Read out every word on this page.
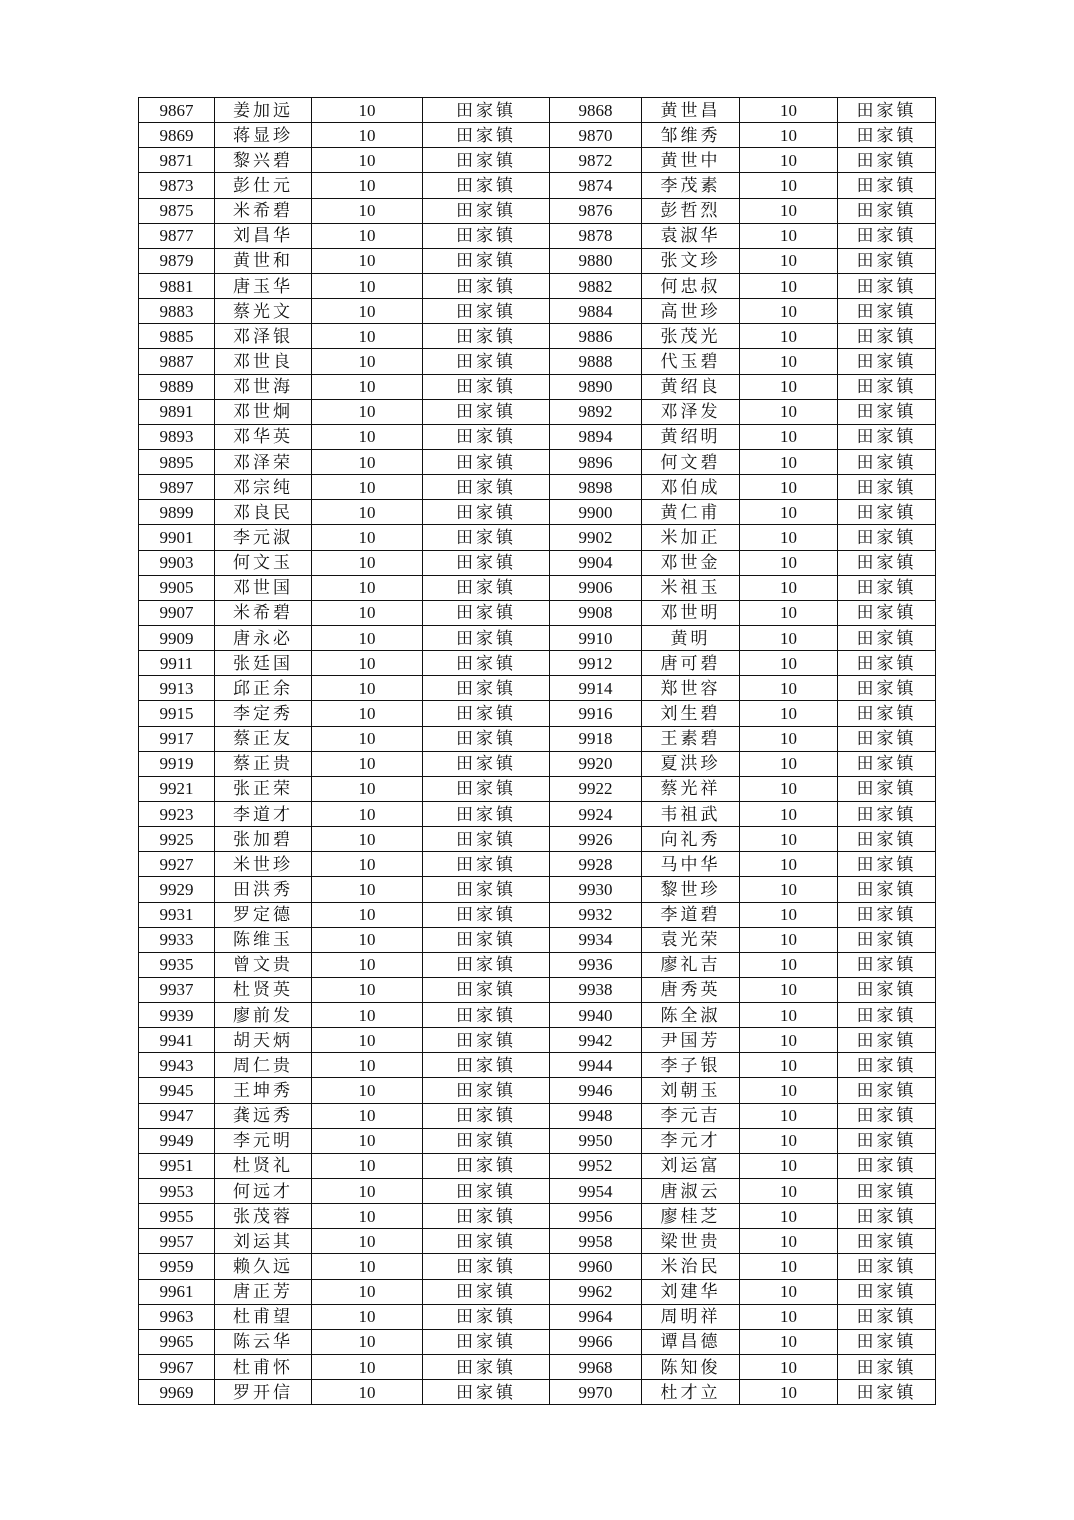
9867	姜加远	10	田家镇	9868	黄世昌	10	田家镇
9869	蒋显珍	10	田家镇	9870	邹维秀	10	田家镇
9871	黎兴碧	10	田家镇	9872	黄世中	10	田家镇
9873	彭仕元	10	田家镇	9874	李茂素	10	田家镇
9875	米希碧	10	田家镇	9876	彭哲烈	10	田家镇
9877	刘昌华	10	田家镇	9878	袁淑华	10	田家镇
9879	黄世和	10	田家镇	9880	张文珍	10	田家镇
9881	唐玉华	10	田家镇	9882	何忠叔	10	田家镇
9883	蔡光文	10	田家镇	9884	高世珍	10	田家镇
9885	邓泽银	10	田家镇	9886	张茂光	10	田家镇
9887	邓世良	10	田家镇	9888	代玉碧	10	田家镇
9889	邓世海	10	田家镇	9890	黄绍良	10	田家镇
9891	邓世炯	10	田家镇	9892	邓泽发	10	田家镇
9893	邓华英	10	田家镇	9894	黄绍明	10	田家镇
9895	邓泽荣	10	田家镇	9896	何文碧	10	田家镇
9897	邓宗纯	10	田家镇	9898	邓伯成	10	田家镇
9899	邓良民	10	田家镇	9900	黄仁甫	10	田家镇
9901	李元淑	10	田家镇	9902	米加正	10	田家镇
9903	何文玉	10	田家镇	9904	邓世金	10	田家镇
9905	邓世国	10	田家镇	9906	米祖玉	10	田家镇
9907	米希碧	10	田家镇	9908	邓世明	10	田家镇
9909	唐永必	10	田家镇	9910	黄明	10	田家镇
9911	张廷国	10	田家镇	9912	唐可碧	10	田家镇
9913	邱正余	10	田家镇	9914	郑世容	10	田家镇
9915	李定秀	10	田家镇	9916	刘生碧	10	田家镇
9917	蔡正友	10	田家镇	9918	王素碧	10	田家镇
9919	蔡正贵	10	田家镇	9920	夏洪珍	10	田家镇
9921	张正荣	10	田家镇	9922	蔡光祥	10	田家镇
9923	李道才	10	田家镇	9924	韦祖武	10	田家镇
9925	张加碧	10	田家镇	9926	向礼秀	10	田家镇
9927	米世珍	10	田家镇	9928	马中华	10	田家镇
9929	田洪秀	10	田家镇	9930	黎世珍	10	田家镇
9931	罗定德	10	田家镇	9932	李道碧	10	田家镇
9933	陈维玉	10	田家镇	9934	袁光荣	10	田家镇
9935	曾文贵	10	田家镇	9936	廖礼吉	10	田家镇
9937	杜贤英	10	田家镇	9938	唐秀英	10	田家镇
9939	廖前发	10	田家镇	9940	陈全淑	10	田家镇
9941	胡天炳	10	田家镇	9942	尹国芳	10	田家镇
9943	周仁贵	10	田家镇	9944	李子银	10	田家镇
9945	王坤秀	10	田家镇	9946	刘朝玉	10	田家镇
9947	龚远秀	10	田家镇	9948	李元吉	10	田家镇
9949	李元明	10	田家镇	9950	李元才	10	田家镇
9951	杜贤礼	10	田家镇	9952	刘运富	10	田家镇
9953	何远才	10	田家镇	9954	唐淑云	10	田家镇
9955	张茂蓉	10	田家镇	9956	廖桂芝	10	田家镇
9957	刘运其	10	田家镇	9958	梁世贵	10	田家镇
9959	赖久远	10	田家镇	9960	米治民	10	田家镇
9961	唐正芳	10	田家镇	9962	刘建华	10	田家镇
9963	杜甫望	10	田家镇	9964	周明祥	10	田家镇
9965	陈云华	10	田家镇	9966	谭昌德	10	田家镇
9967	杜甫怀	10	田家镇	9968	陈知俊	10	田家镇
9969	罗开信	10	田家镇	9970	杜才立	10	田家镇
